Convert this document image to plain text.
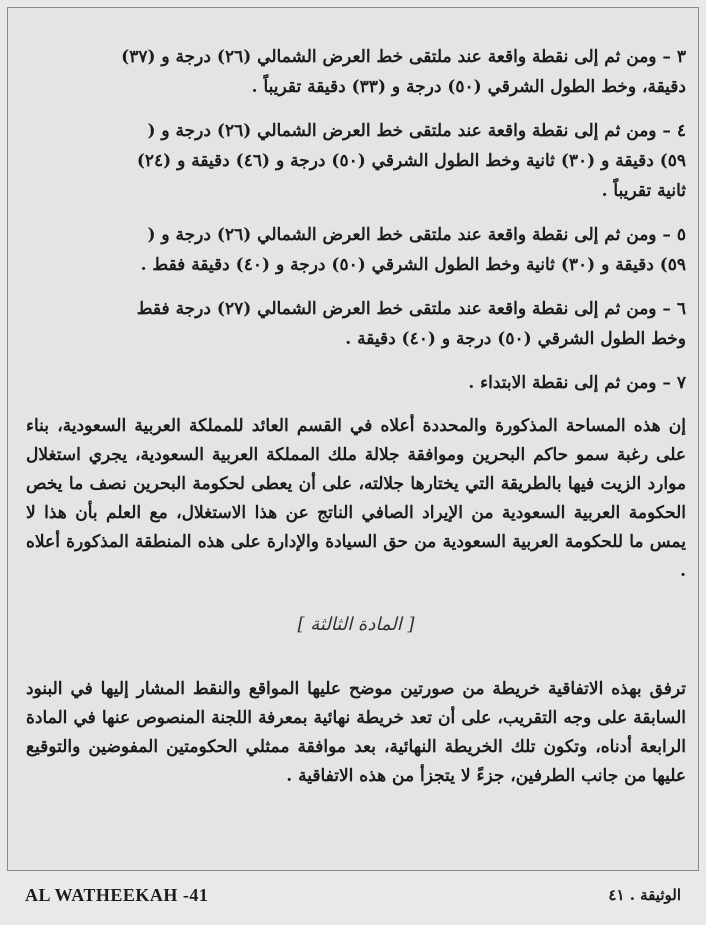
٣ – ومن ثم إلى نقطة واقعة عند ملتقى خط العرض الشمالي (٢٦) درجة و (٣٧)
دقيقة، وخط الطول الشرقي (٥٠) درجة و (٣٣) دقيقة تقريباً .

٤ – ومن ثم إلى نقطة واقعة عند ملتقى خط العرض الشمالي (٢٦) درجة و (
٥٩) دقيقة و (٣٠) ثانية وخط الطول الشرقي (٥٠) درجة و (٤٦) دقيقة و (٢٤)
ثانية تقريباً .

٥ – ومن ثم إلى نقطة واقعة عند ملتقى خط العرض الشمالي (٢٦) درجة و (
٥٩) دقيقة و (٣٠) ثانية وخط الطول الشرقي (٥٠) درجة و (٤٠) دقيقة فقط .

٦ – ومن ثم إلى نقطة واقعة عند ملتقى خط العرض الشمالي (٢٧) درجة فقط
وخط الطول الشرقي (٥٠) درجة و (٤٠) دقيقة .

٧ – ومن ثم إلى نقطة الابتداء .

إن هذه المساحة المذكورة والمحددة أعلاه في القسم العائد للمملكة العربية السعودية، بناء على رغبة سمو حاكم البحرين وموافقة جلالة ملك المملكة العربية السعودية، يجري استغلال موارد الزيت فيها بالطريقة التي يختارها جلالته، على أن يعطى لحكومة البحرين نصف ما يخص الحكومة العربية السعودية من الإيراد الصافي الناتج عن هذا الاستغلال، مع العلم بأن هذا لا يمس ما للحكومة العربية السعودية من حق السيادة والإدارة على هذه المنطقة المذكورة أعلاه .

[ المادة الثالثة ]

ترفق بهذه الاتفاقية خريطة من صورتين موضح عليها المواقع والنقط المشار إليها في البنود السابقة على وجه التقريب، على أن تعد خريطة نهائية بمعرفة اللجنة المنصوص عنها في المادة الرابعة أدناه، وتكون تلك الخريطة النهائية، بعد موافقة ممثلي الحكومتين المفوضين والتوقيع عليها من جانب الطرفين، جزءً لا يتجزأ من هذه الاتفاقية .

AL WATHEEKAH -41	الوثيقة . ٤١
